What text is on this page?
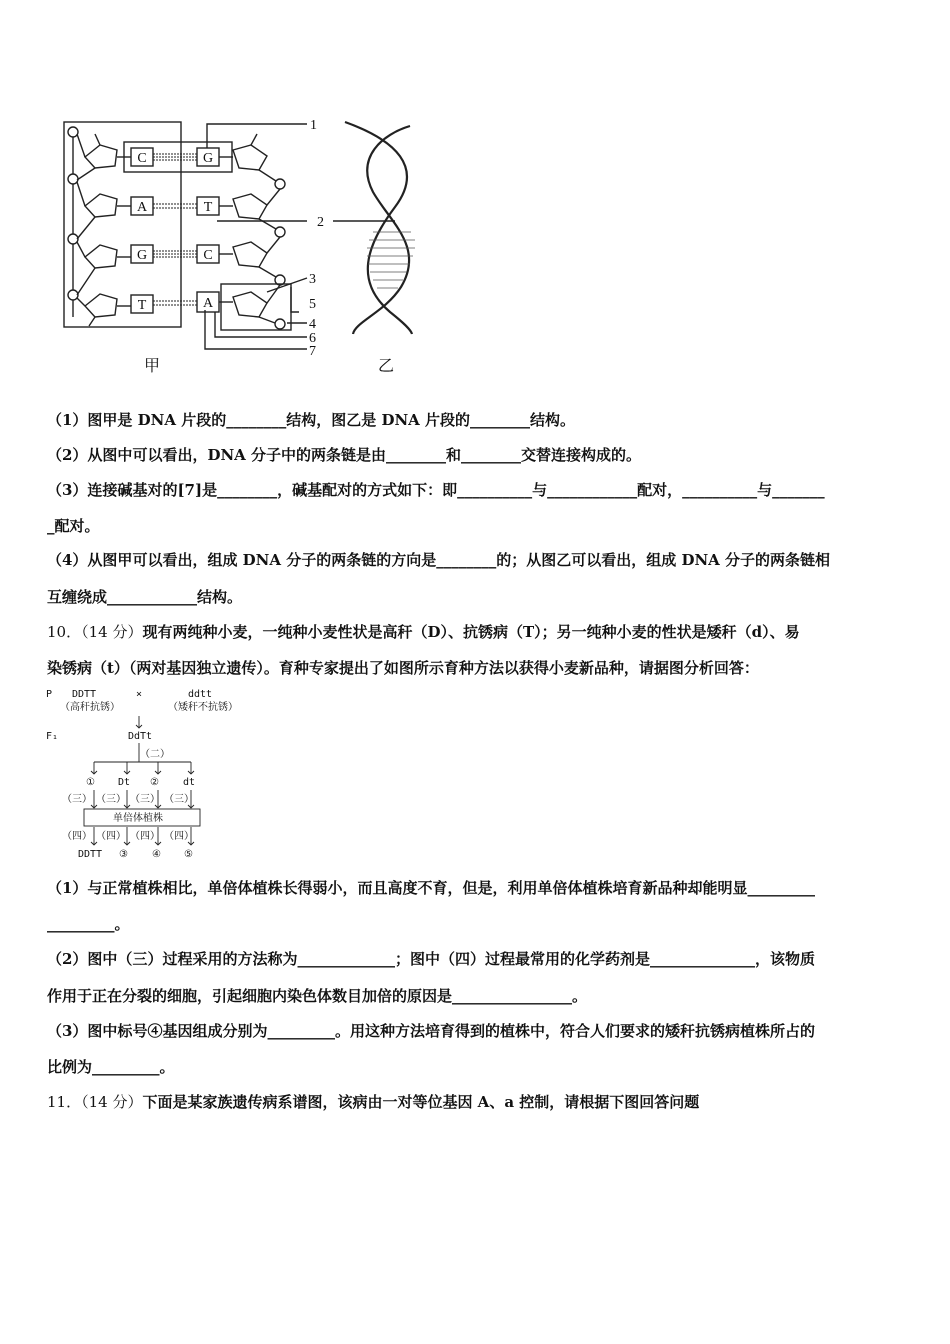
C
A
G
T
G
T
C
A
1
2
3
5
4
6
7
甲	乙
（1）图甲是 DNA 片段的________结构，图乙是 DNA 片段的________结构。
（2）从图中可以看出，DNA 分子中的两条链是由________和________交替连接构成的。
（3）连接碱基对的[7]是________，碱基配对的方式如下：即__________与____________配对，__________与_______
_配对。
（4）从图甲可以看出，组成 DNA 分子的两条链的方向是________的；从图乙可以看出，组成 DNA 分子的两条链相
互缠绕成____________结构。
10．（14 分）现有两纯种小麦，一纯种小麦性状是高秆（D）、抗锈病（T）；另一纯种小麦的性状是矮秆（d）、易
染锈病（t）（两对基因独立遗传）。育种专家提出了如图所示育种方法以获得小麦新品种，请据图分析回答：
P DDTT
（高秆抗锈）
×	ddtt
（矮秆不抗锈）
F₁	DdTt
（二）
① Dt ② dt
（三） （三） （三） （三）
单倍体植株
（四） （四） （四） （四）
DDTT ③ ④ ⑤
（1）与正常植株相比，单倍体植株长得弱小，而且高度不育，但是，利用单倍体植株培育新品种却能明显_________
_________。
（2）图中（三）过程采用的方法称为_____________；图中（四）过程最常用的化学药剂是______________，该物质
作用于正在分裂的细胞，引起细胞内染色体数目加倍的原因是________________。
（3）图中标号④基因组成分别为_________。用这种方法培育得到的植株中，符合人们要求的矮秆抗锈病植株所占的
比例为_________。
11．（14 分）下面是某家族遗传病系谱图，该病由一对等位基因 A、a 控制，请根据下图回答问题
